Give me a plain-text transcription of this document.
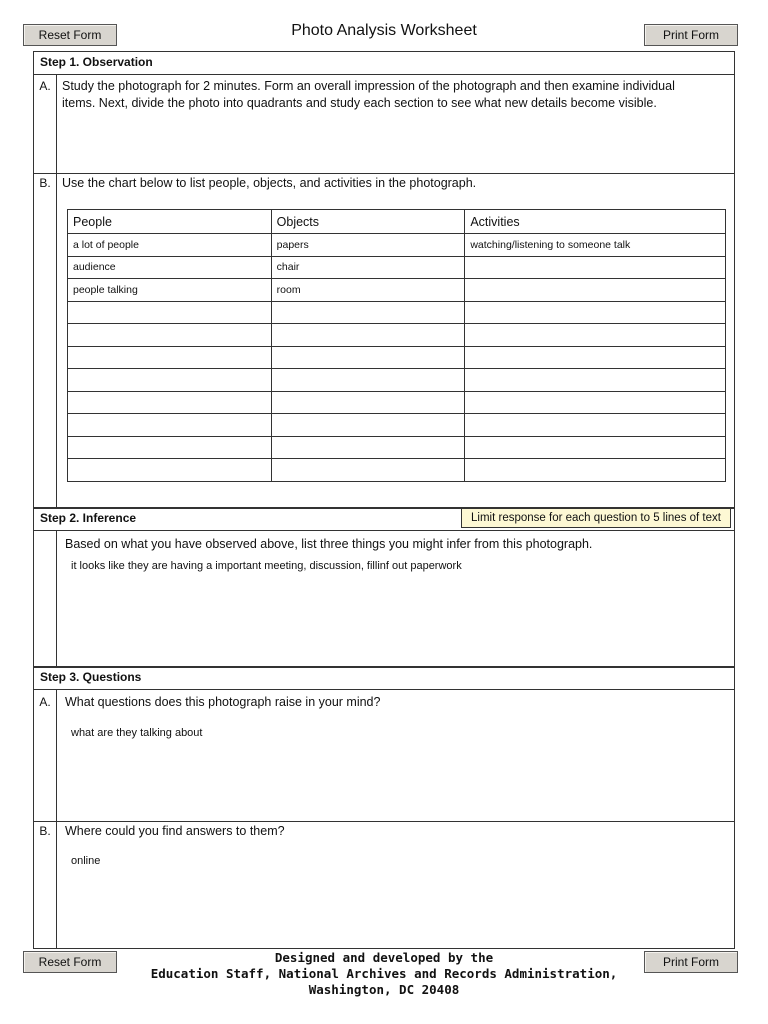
Reset Form	Photo Analysis Worksheet	Print Form
Step 1. Observation
A. Study the photograph for 2 minutes. Form an overall impression of the photograph and then examine individual
items. Next, divide the photo into quadrants and study each section to see what new details become visible.
B. Use the chart below to list people, objects, and activities in the photograph.
People	Objects	Activities
a lot of people	papers	watching/listening to someone talk
audience	chair	
people talking	room	

Step 2. Inference	Limit response for each question to 5 lines of text
Based on what you have observed above, list three things you might infer from this photograph.
it looks like they are having a important meeting, discussion, fillinf out paperwork
Step 3. Questions
A.	What questions does this photograph raise in your mind?
what are they talking about
B.	Where could you find answers to them?
online
Reset Form	Print Form
Designed and developed by the
Education Staff, National Archives and Records Administration,
Washington, DC 20408
